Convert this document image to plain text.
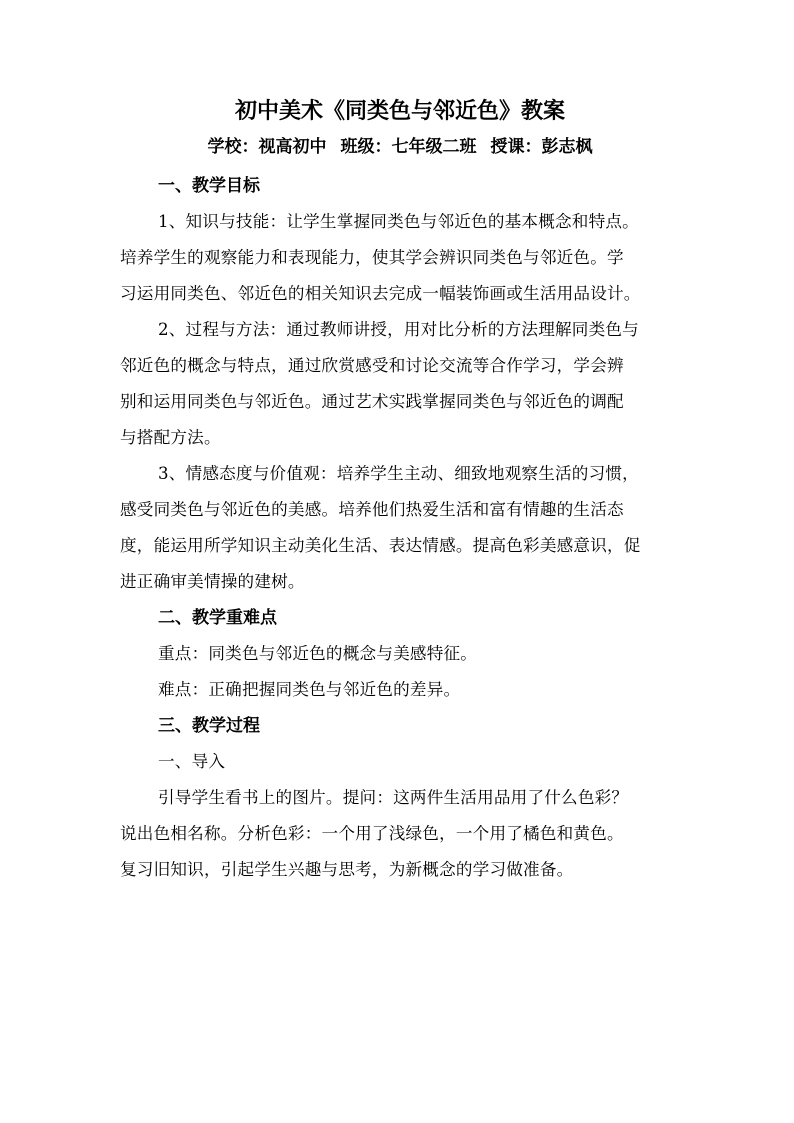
初中美术《同类色与邻近色》教案

学校：视高初中 班级：七年级二班 授课：彭志枫

一、教学目标

1、知识与技能：让学生掌握同类色与邻近色的基本概念和特点。

培养学生的观察能力和表现能力，使其学会辨识同类色与邻近色。学

习运用同类色、邻近色的相关知识去完成一幅装饰画或生活用品设计。

2、过程与方法：通过教师讲授，用对比分析的方法理解同类色与

邻近色的概念与特点，通过欣赏感受和讨论交流等合作学习，学会辨

别和运用同类色与邻近色。通过艺术实践掌握同类色与邻近色的调配

与搭配方法。

3、情感态度与价值观：培养学生主动、细致地观察生活的习惯，

感受同类色与邻近色的美感。培养他们热爱生活和富有情趣的生活态

度，能运用所学知识主动美化生活、表达情感。提高色彩美感意识，促

进正确审美情操的建树。

二、教学重难点

重点：同类色与邻近色的概念与美感特征。

难点：正确把握同类色与邻近色的差异。

三、教学过程

一、导入

引导学生看书上的图片。提问：这两件生活用品用了什么色彩？

说出色相名称。分析色彩：一个用了浅绿色，一个用了橘色和黄色。

复习旧知识，引起学生兴趣与思考，为新概念的学习做准备。
